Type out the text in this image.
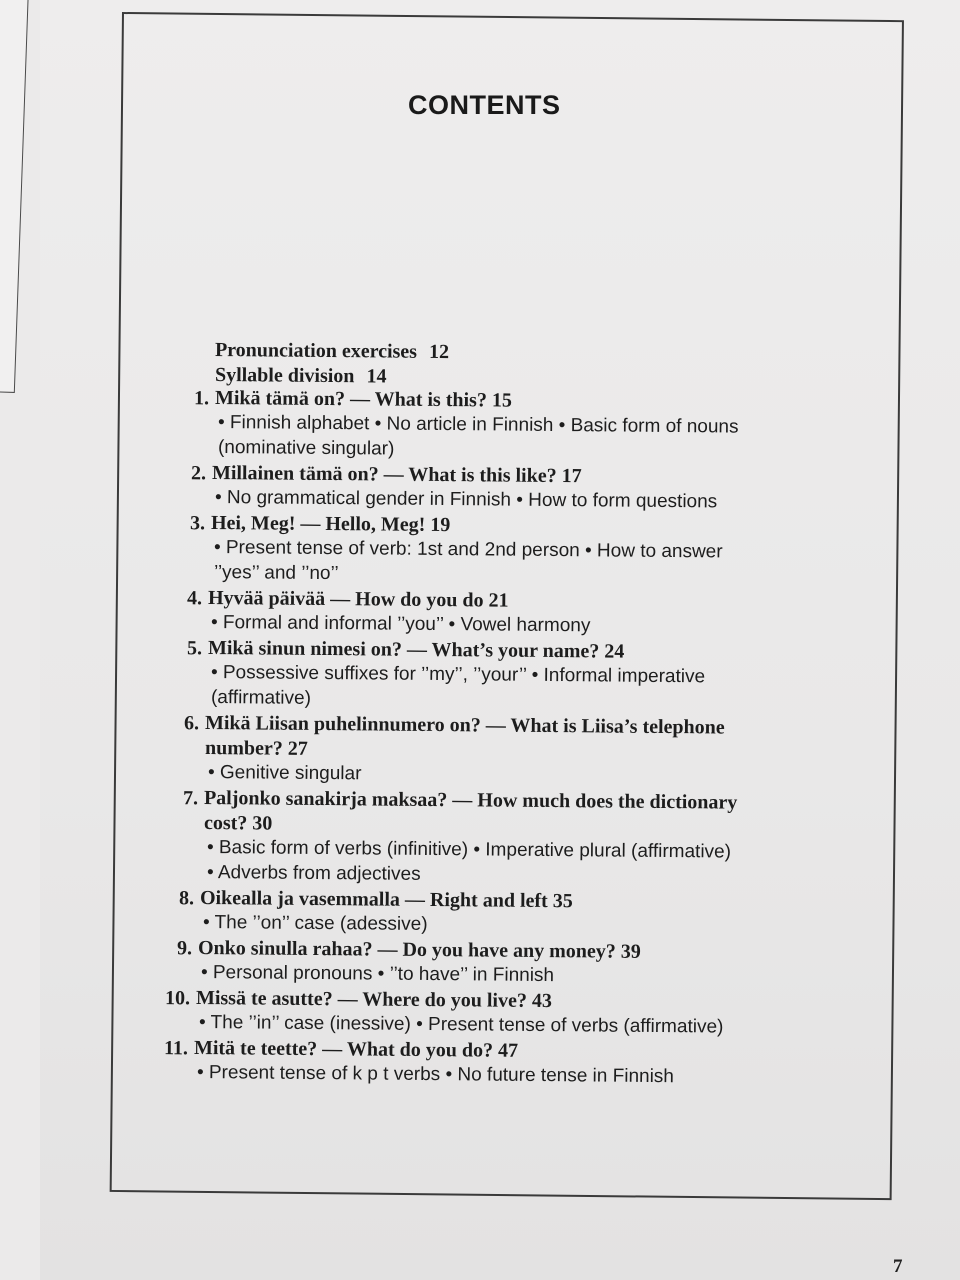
CONTENTS
Pronunciation exercises 12
Syllable division 14
1. Mikä tämä on? — What is this? 15
• Finnish alphabet • No article in Finnish • Basic form of nouns
(nominative singular)
2. Millainen tämä on? — What is this like? 17
• No grammatical gender in Finnish • How to form questions
3. Hei, Meg! — Hello, Meg! 19
• Present tense of verb: 1st and 2nd person • How to answer
’’yes’’ and ’’no’’
4. Hyvää päivää — How do you do 21
• Formal and informal ’’you’’ • Vowel harmony
5. Mikä sinun nimesi on? — What’s your name? 24
• Possessive suffixes for ’’my’’, ’’your’’ • Informal imperative
(affirmative)
6. Mikä Liisan puhelinnumero on? — What is Liisa’s telephone
number? 27
• Genitive singular
7. Paljonko sanakirja maksaa? — How much does the dictionary
cost? 30
• Basic form of verbs (infinitive) • Imperative plural (affirmative)
• Adverbs from adjectives
8. Oikealla ja vasemmalla — Right and left 35
• The ’’on’’ case (adessive)
9. Onko sinulla rahaa? — Do you have any money? 39
• Personal pronouns • ’’to have’’ in Finnish
10. Missä te asutte? — Where do you live? 43
• The ’’in’’ case (inessive) • Present tense of verbs (affirmative)
11. Mitä te teette? — What do you do? 47
• Present tense of k p t verbs • No future tense in Finnish
7
